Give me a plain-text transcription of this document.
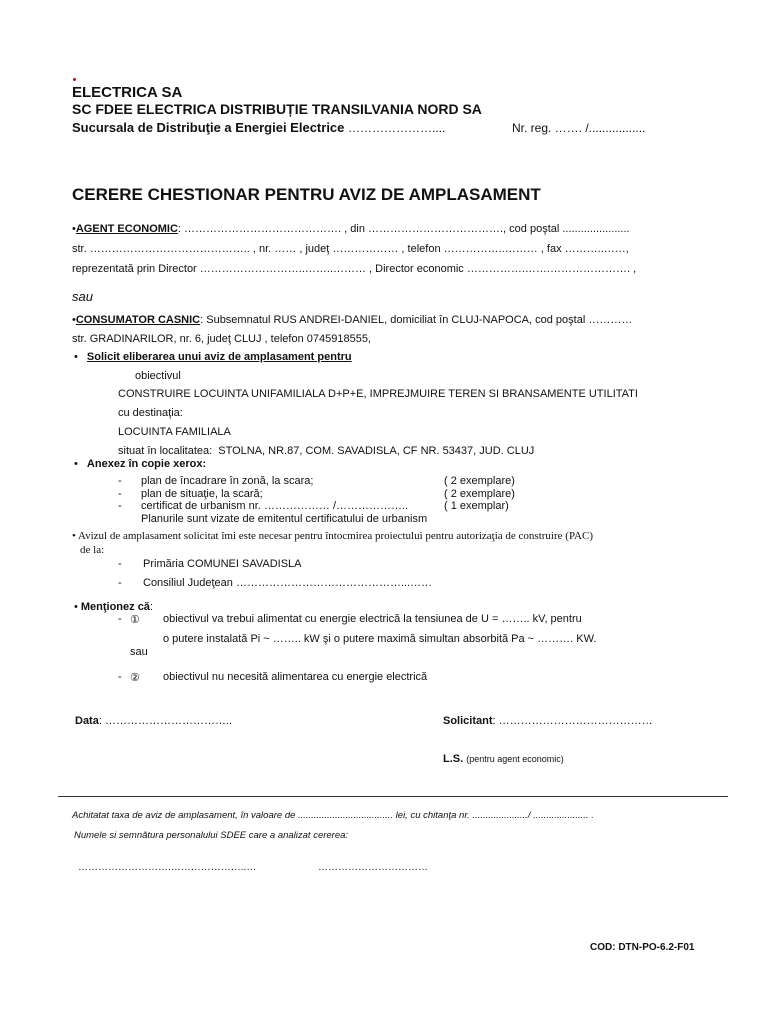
ELECTRICA SA
SC FDEE ELECTRICA DISTRIBUȚIE TRANSILVANIA NORD SA
Sucursala de Distribuţie a Energiei Electrice …………………....	Nr. reg. ……. /.................
CERERE CHESTIONAR PENTRU AVIZ DE AMPLASAMENT
•AGENT ECONOMIC: ……………………………………. , din ………………………………., cod poştal ......................
str. …………………………………….. , nr. …… , judeţ ……………… , telefon ……………..……… , fax ………..……,
reprezentată prin Director ………………………..……..……… , Director economic …………….…….…………………. ,
sau
•CONSUMATOR CASNIC: Subsemnatul RUS ANDREI-DANIEL, domiciliat în CLUJ-NAPOCA, cod poştal …………
str. GRADINARILOR, nr. 6, judeţ CLUJ , telefon 0745918555,
• Solicit eliberarea unui aviz de amplasament pentru
obiectivul
CONSTRUIRE LOCUINTA UNIFAMILIALA D+P+E, IMPREJMUIRE TEREN SI BRANSAMENTE UTILITATI
cu destinaţia:
LOCUINTA FAMILIALA
situat în localitatea: STOLNA, NR.87, COM. SAVADISLA, CF NR. 53437, JUD. CLUJ
• Anexez în copie xerox:
- plan de încadrare în zonă, la scara;	( 2 exemplare)
- plan de situaţie, la scară;	( 2 exemplare)
- certificat de urbanism nr. ……………… /………………..	( 1 exemplar)
Planurile sunt vizate de emitentul certificatului de urbanism
• Avizul de amplasament solicitat îmi este necesar pentru întocmirea proiectului pentru autorizaţia de construire (PAC)
de la:
- Primăria COMUNEI SAVADISLA
- Consiliul Judeţean ………………………………………...……
• Menţionez că:
- ① obiectivul va trebui alimentat cu energie electrică la tensiunea de U = …….. kV, pentru
o putere instalată Pi ~ …….. kW şi o putere maximă simultan absorbită Pa ~ ………. KW.
sau
- ② obiectivul nu necesită alimentarea cu energie electrică
Data: ……………………………..	Solicitant: ……………………………………
L.S. (pentru agent economic)
Achitatat taxa de aviz de amplasament, în valoare de .................................... lei, cu chitanţa nr. ...................../ ..................... .
Numele si semnătura personalului SDEE care a analizat cererea:
……………………….…………………..…	……………………………
COD: DTN-PO-6.2-F01
